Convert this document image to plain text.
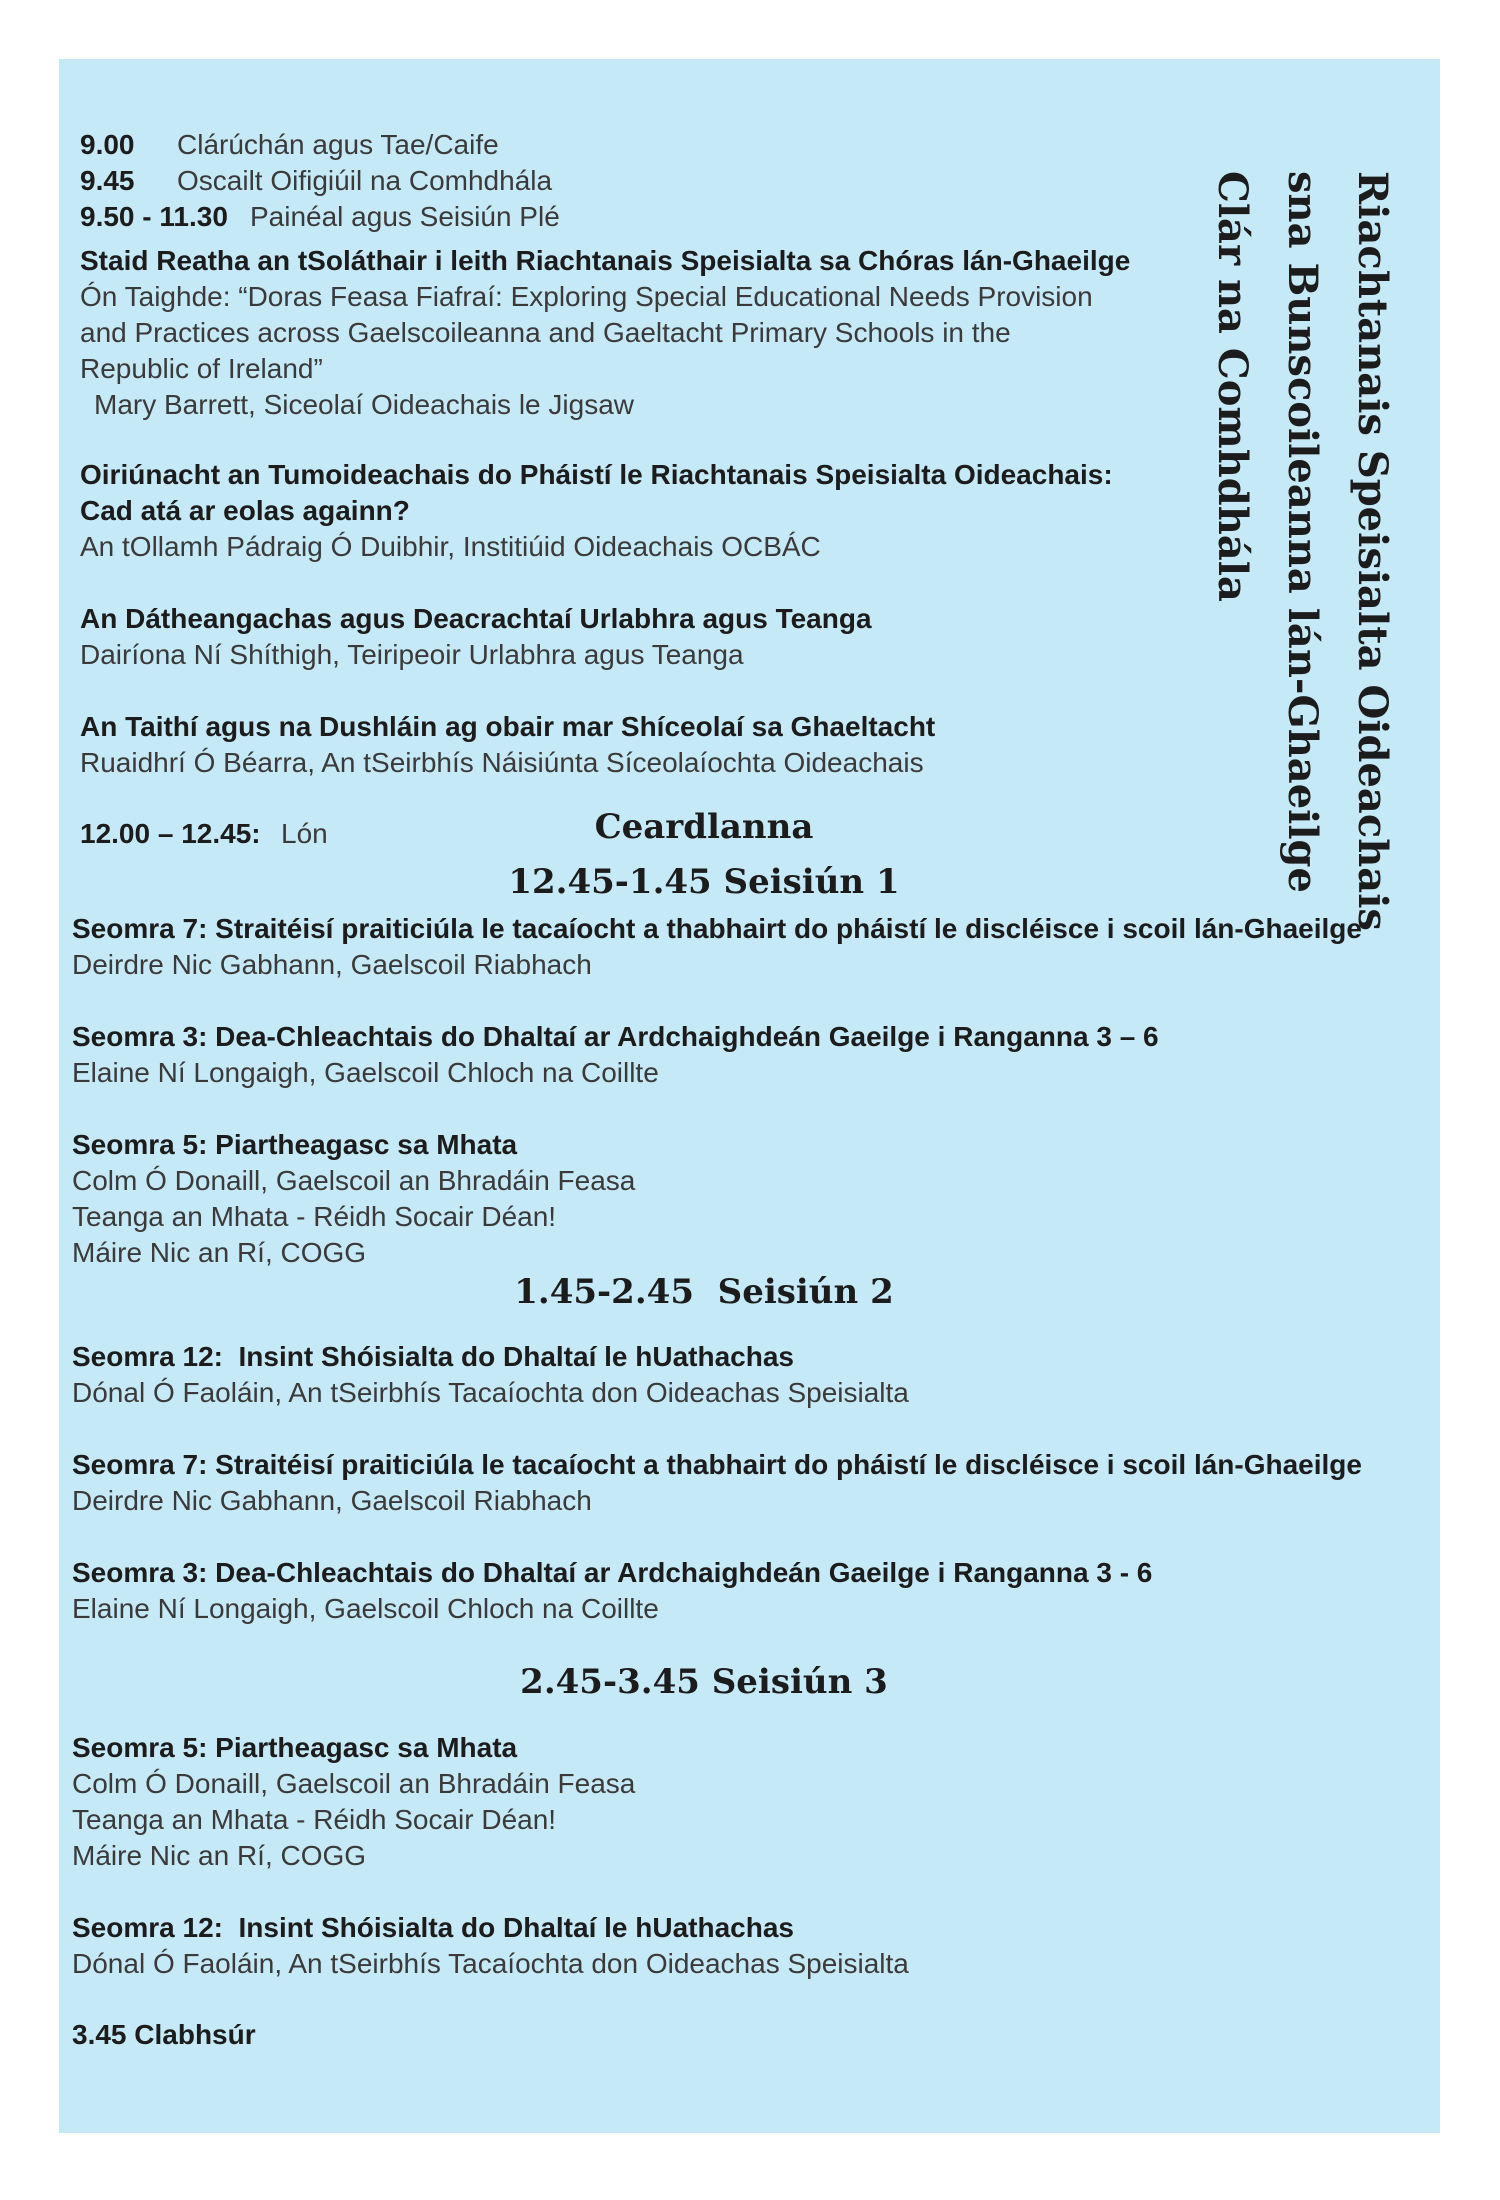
Riachtanais Speisialta Oideachais
sna Bunscoileanna lán-Ghaeilge
Clár na Comhdhála
9.00 Clárúchán agus Tae/Caife
9.45 Oscailt Oifigiúil na Comhdhála
9.50 - 11.30 Painéal agus Seisiún Plé
Staid Reatha an tSoláthair i leith Riachtanais Speisialta sa Chóras lán-Ghaeilge
Ón Taighde: “Doras Feasa Fiafraí: Exploring Special Educational Needs Provision
and Practices across Gaelscoileanna and Gaeltacht Primary Schools in the
Republic of Ireland”
Mary Barrett, Siceolaí Oideachais le Jigsaw
Oiriúnacht an Tumoideachais do Pháistí le Riachtanais Speisialta Oideachais:
Cad atá ar eolas againn?
An tOllamh Pádraig Ó Duibhir, Institiúid Oideachais OCBÁC
An Dátheangachas agus Deacrachtaí Urlabhra agus Teanga
Dairíona Ní Shíthigh, Teiripeoir Urlabhra agus Teanga
An Taithí agus na Dushláin ag obair mar Shíceolaí sa Ghaeltacht
Ruaidhrí Ó Béarra, An tSeirbhís Náisiúnta Síceolaíochta Oideachais
12.00 – 12.45: Lón	Ceardlanna
12.45-1.45 Seisiún 1
Seomra 7: Straitéisí praiticiúla le tacaíocht a thabhairt do pháistí le discléisce i scoil lán-Ghaeilge
Deirdre Nic Gabhann, Gaelscoil Riabhach
Seomra 3: Dea-Chleachtais do Dhaltaí ar Ardchaighdeán Gaeilge i Ranganna 3 – 6
Elaine Ní Longaigh, Gaelscoil Chloch na Coillte
Seomra 5: Piartheagasc sa Mhata
Colm Ó Donaill, Gaelscoil an Bhradáin Feasa
Teanga an Mhata - Réidh Socair Déan!
Máire Nic an Rí, COGG
1.45-2.45  Seisiún 2
Seomra 12:  Insint Shóisialta do Dhaltaí le hUathachas
Dónal Ó Faoláin, An tSeirbhís Tacaíochta don Oideachas Speisialta
Seomra 7: Straitéisí praiticiúla le tacaíocht a thabhairt do pháistí le discléisce i scoil lán-Ghaeilge
Deirdre Nic Gabhann, Gaelscoil Riabhach
Seomra 3: Dea-Chleachtais do Dhaltaí ar Ardchaighdeán Gaeilge i Ranganna 3 - 6
Elaine Ní Longaigh, Gaelscoil Chloch na Coillte
2.45-3.45 Seisiún 3
Seomra 5: Piartheagasc sa Mhata
Colm Ó Donaill, Gaelscoil an Bhradáin Feasa
Teanga an Mhata - Réidh Socair Déan!
Máire Nic an Rí, COGG
Seomra 12:  Insint Shóisialta do Dhaltaí le hUathachas
Dónal Ó Faoláin, An tSeirbhís Tacaíochta don Oideachas Speisialta
3.45 Clabhsúr
